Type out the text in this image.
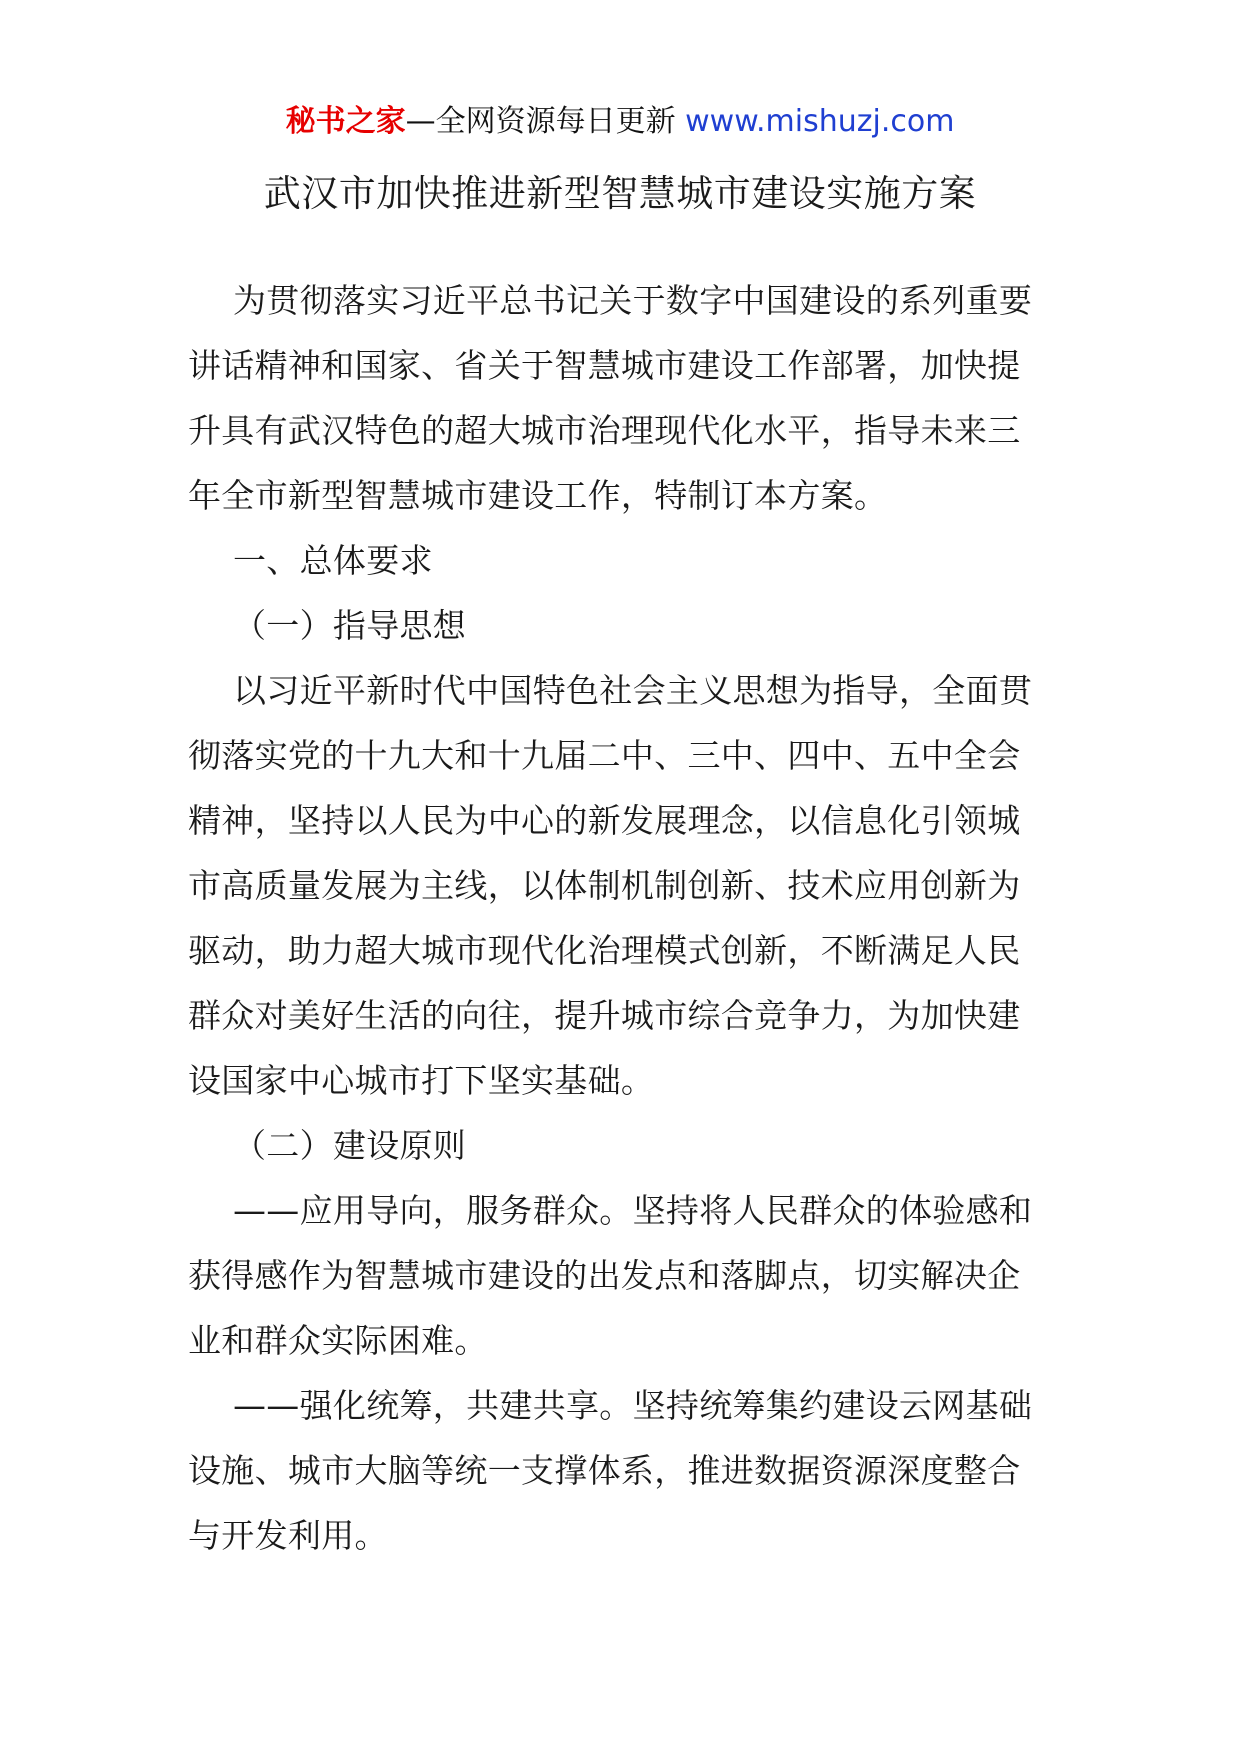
秘书之家—全网资源每日更新 www.mishuzj.com
武汉市加快推进新型智慧城市建设实施方案

为贯彻落实习近平总书记关于数字中国建设的系列重要讲话精神和国家、省关于智慧城市建设工作部署，加快提升具有武汉特色的超大城市治理现代化水平，指导未来三年全市新型智慧城市建设工作，特制订本方案。

一、总体要求

（一）指导思想

以习近平新时代中国特色社会主义思想为指导，全面贯彻落实党的十九大和十九届二中、三中、四中、五中全会精神，坚持以人民为中心的新发展理念，以信息化引领城市高质量发展为主线，以体制机制创新、技术应用创新为驱动，助力超大城市现代化治理模式创新，不断满足人民群众对美好生活的向往，提升城市综合竞争力，为加快建设国家中心城市打下坚实基础。

（二）建设原则

——应用导向，服务群众。坚持将人民群众的体验感和获得感作为智慧城市建设的出发点和落脚点，切实解决企业和群众实际困难。

——强化统筹，共建共享。坚持统筹集约建设云网基础设施、城市大脑等统一支撑体系，推进数据资源深度整合与开发利用。
